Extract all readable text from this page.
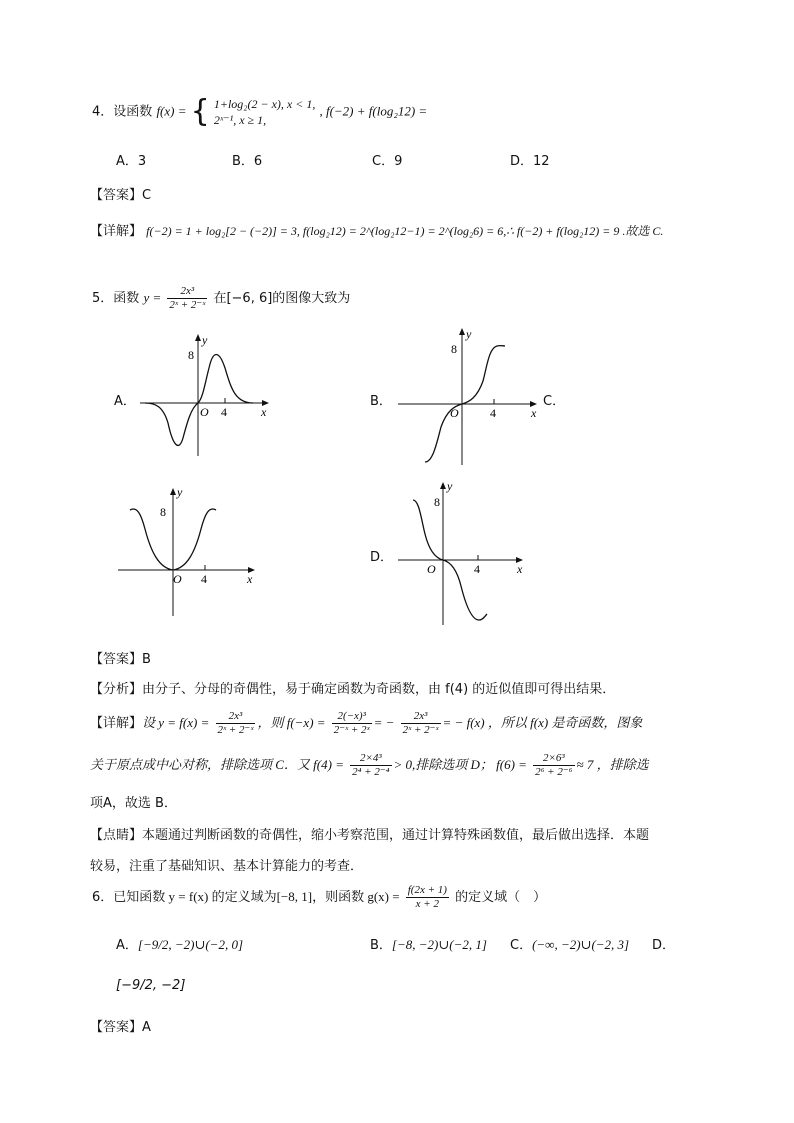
4．设函数 f(x) = { 1+log₂(2 − x), x < 1,
2ˣ⁻¹, x ≥ 1,
, f(−2) + f(log₂12) =
A．3	B．6	C．9	D．12
【答案】C
【详解】 f(−2) = 1 + log₂[2 − (−2)] = 3, f(log₂12) = 2^(log₂12−1) = 2^(log₂6) = 6,∴ f(−2) + f(log₂12) = 9 .故选 C.
5．函数 $y = \frac{\text{2x³}}{\text{2ˣ + 2⁻ˣ}}$ 在[−6, 6]的图像大致为
A．	B．	C．
D．
y
8
O 4	x
y
8
O	4	x
y
8
O 4	x
y
8
O	4	x
【答案】B
【分析】由分子、分母的奇偶性，易于确定函数为奇函数，由 f(4) 的近似值即可得出结果．
【详解】设 $y = f(x) = \frac{\text{2x³}}{\text{2ˣ + 2⁻ˣ}}$ ，则 $f(-x) = \frac{\text{2(−x)³}}{\text{2⁻ˣ + 2ˣ}}$ = − $\frac{\text{2x³}}{\text{2ˣ + 2⁻ˣ}}$ = − f(x) ，所以 f(x) 是奇函数，图象
关于原点成中心对称，排除选项 C．又 $f(4) = \frac{\text{2×4³}}{\text{2⁴ + 2⁻⁴}} > 0$,排除选项 D； $f(6) = \frac{\text{2×6³}}{\text{2⁶ + 2⁻⁶}} \approx 7$ ，排除选
项A，故选 B．
【点睛】本题通过判断函数的奇偶性，缩小考察范围，通过计算特殊函数值，最后做出选择．本题
较易，注重了基础知识、基本计算能力的考查．
6．已知函数 y = f(x) 的定义域为[−8, 1]，则函数 $g(x) = \frac{f(2x + 1)}{x + 2}$ 的定义域（　）
A．[−9/2, −2)∪(−2, 0]	B．[−8, −2)∪(−2, 1] C．(−∞, −2)∪(−2, 3] D．
[−9/2, −2]
【答案】A
